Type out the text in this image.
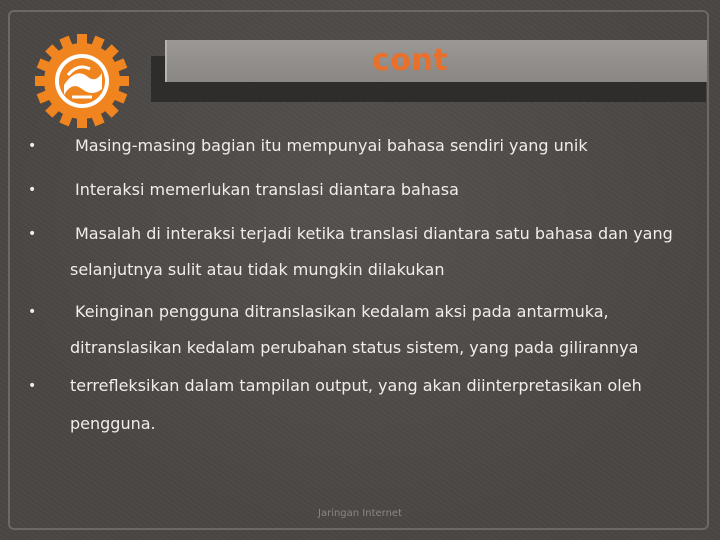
cont
• Masing-masing bagian itu mempunyai bahasa sendiri yang unik
• Interaksi memerlukan translasi diantara bahasa
• Masalah di interaksi terjadi ketika translasi diantara satu bahasa dan yang
selanjutnya sulit atau tidak mungkin dilakukan
• Keinginan pengguna ditranslasikan kedalam aksi pada antarmuka,
ditranslasikan kedalam perubahan status sistem, yang pada gilirannya
• terrefleksikan dalam tampilan output, yang akan diinterpretasikan oleh
pengguna.
Jaringan Internet
